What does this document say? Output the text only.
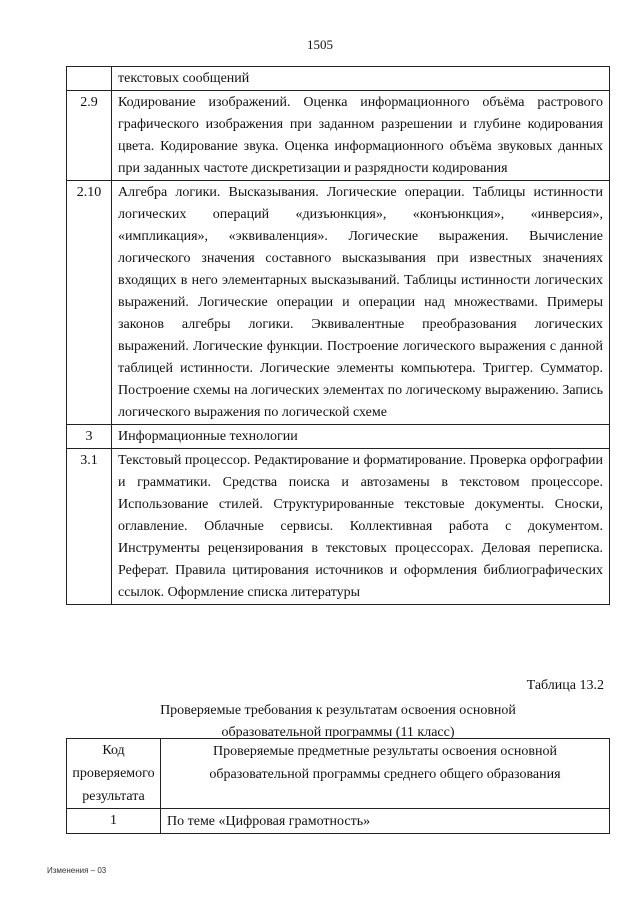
1505
	текстовых сообщений
2.9	Кодирование изображений. Оценка информационного объёма растрового графического изображения при заданном разрешении и глубине кодирования цвета. Кодирование звука. Оценка информационного объёма звуковых данных при заданных частоте дискретизации и разрядности кодирования
2.10	Алгебра логики. Высказывания. Логические операции. Таблицы истинности логических операций «дизъюнкция», «конъюнкция», «инверсия», «импликация», «эквиваленция». Логические выражения. Вычисление логического значения составного высказывания при известных значениях входящих в него элементарных высказываний. Таблицы истинности логических выражений. Логические операции и операции над множествами. Примеры законов алгебры логики. Эквивалентные преобразования логических выражений. Логические функции. Построение логического выражения с данной таблицей истинности. Логические элементы компьютера. Триггер. Сумматор. Построение схемы на логических элементах по логическому выражению. Запись логического выражения по логической схеме
3	Информационные технологии
3.1	Текстовый процессор. Редактирование и форматирование. Проверка орфографии и грамматики. Средства поиска и автозамены в текстовом процессоре. Использование стилей. Структурированные текстовые документы. Сноски, оглавление. Облачные сервисы. Коллективная работа с документом. Инструменты рецензирования в текстовых процессорах. Деловая переписка. Реферат. Правила цитирования источников и оформления библиографических ссылок. Оформление списка литературы
Таблица 13.2
Проверяемые требования к результатам освоения основной
образовательной программы (11 класс)
Код проверяемого результата	Проверяемые предметные результаты освоения основной образовательной программы среднего общего образования
1	По теме «Цифровая грамотность»
Изменения – 03
